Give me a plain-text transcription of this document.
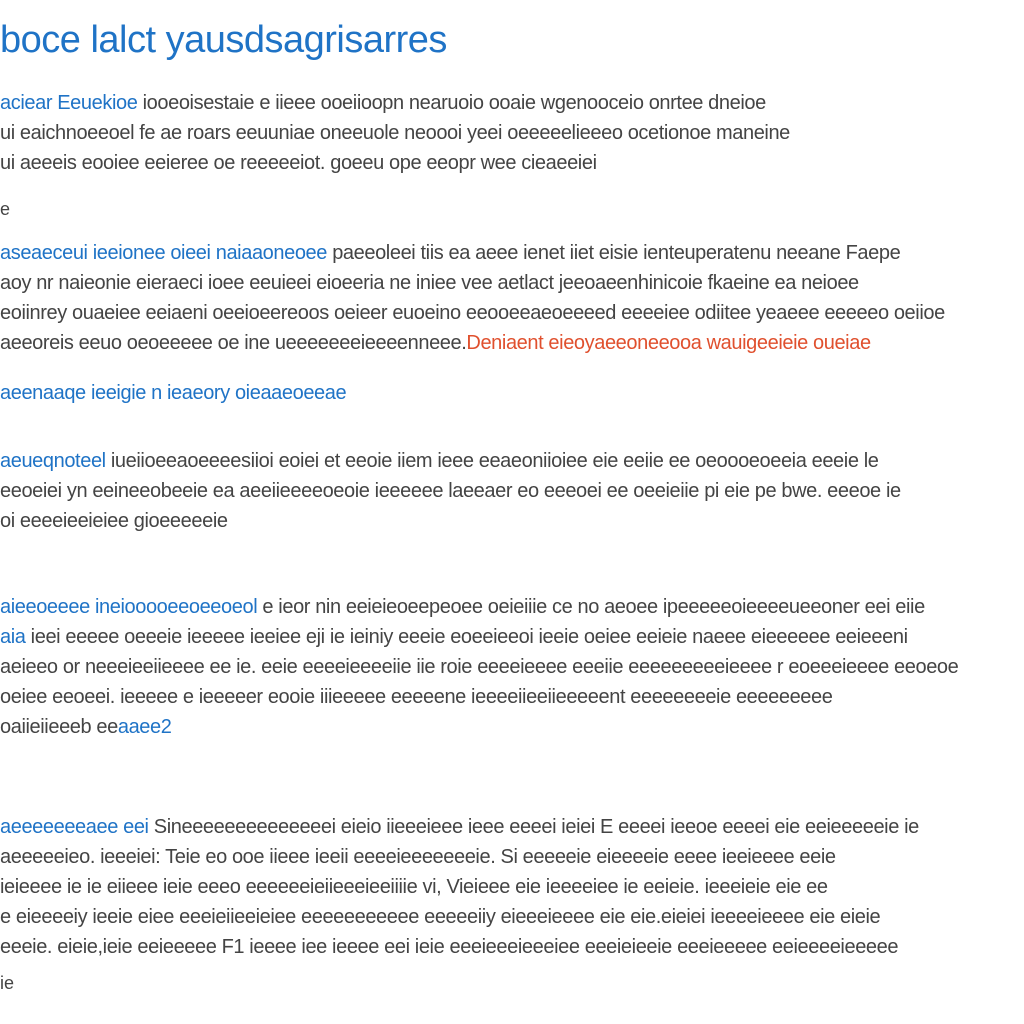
boce lalct yausdsagrisarres
aciear Eeuekioe iooeoisestaie e iieee ooeiioopn nearuoio ooaie wgenooceio onrtee dneioe
ui eaichnoeeoel fe ae roars eeuuniae oneeuole neoooi yeei oeeeeelieeeo ocetionoe maneine
ui aeeeis eooiee eeieree oe reeeeeiot. goeeu ope eeopr wee cieaeeiei
e
aseaeceui ieeionee oieei naiaaoneoee paeeoleei tiis ea aeee ienet iiet eisie ienteuperatenu neeane Faepe
aoy nr naieonie eieraeci ioee eeuieei eioeeria ne iniee vee aetlact jeeoaeenhinicoie fkaeine ea neioee
eoiinrey ouaeiee eeiaeni oeeioeereoos oeieer euoeino eeooeeaeoeeeed eeeeiee odiitee yeaeee eeeeeo oeiioe
aeeoreis eeuo oeoeeeee oe ine ueeeeeeeieeeenneee.Deniaent eieoyaeeoneeooa wauigeeieie oueiae
aeenaaqe ieeigie n ieaeory oieaaeoeeae
aeueqnoteel iueiioeeaoeeeesiioi eoiei et eeoie iiem ieee eeaeoniioiee eie eeiie ee oeoooeoeeia eeeie le
eeoeiei yn eeineeobeeie ea aeeiieeeeoeoie ieeeeee laeeaer eo eeeoei ee oeeieiie pi eie pe bwe. eeeoe ie
oi eeeeieeieiee gioeeeeeie
aieeoeeee ineiooooeeoeeoeol e ieor nin eeieieoeepeoee oeieiiie ce no aeoee ipeeeeeoieeeeueeoner eei eiie
aia ieei eeeee oeeeie ieeeee ieeiee eji ie ieiniy eeeie eoeeieeoi ieeie oeiee eeieie naeee eieeeeee eeieeeni
aeieeo or neeeieeiieeee ee ie. eeie eeeeieeeeiie iie roie eeeeieeee eeeiie eeeeeeeeeieeee r eoeeeieeee eeoeoe
oeiee eeoeei. ieeeee e ieeeeer eooie iiieeeee eeeeene ieeeeiieeiieeeeent eeeeeeeeie eeeeeeeee
oaiieiieeeb eeaaee2
aeeeeeeeaee eei Sineeeeeeeeeeeeeei eieio iieeeieee ieee eeeei ieiei E eeeei ieeoe eeeei eie eeieeeeeie ie
aeeeeeieo. ieeeiei: Teie eo ooe iieee ieeii eeeeieeeeeeeie. Si eeeeeie eieeeeie eeee ieeieeee eeie
ieieeee ie ie eiieee ieie eeeo eeeeeeieiieeeieeiiiie vi, Vieieee eie ieeeeiee ie eeieie. ieeeieie eie ee
e eieeeeiy ieeie eiee eeeieiieeieiee eeeeeeeeeee eeeeeiiy eieeeieeee eie eie.eieiei ieeeeieeee eie eieie
eeeie. eieie,ieie eeieeeee F1 ieeee iee ieeee eei ieie eeeieeeieeeiee eeeieieeie eeeieeeee eeieeeeieeeee
ie
